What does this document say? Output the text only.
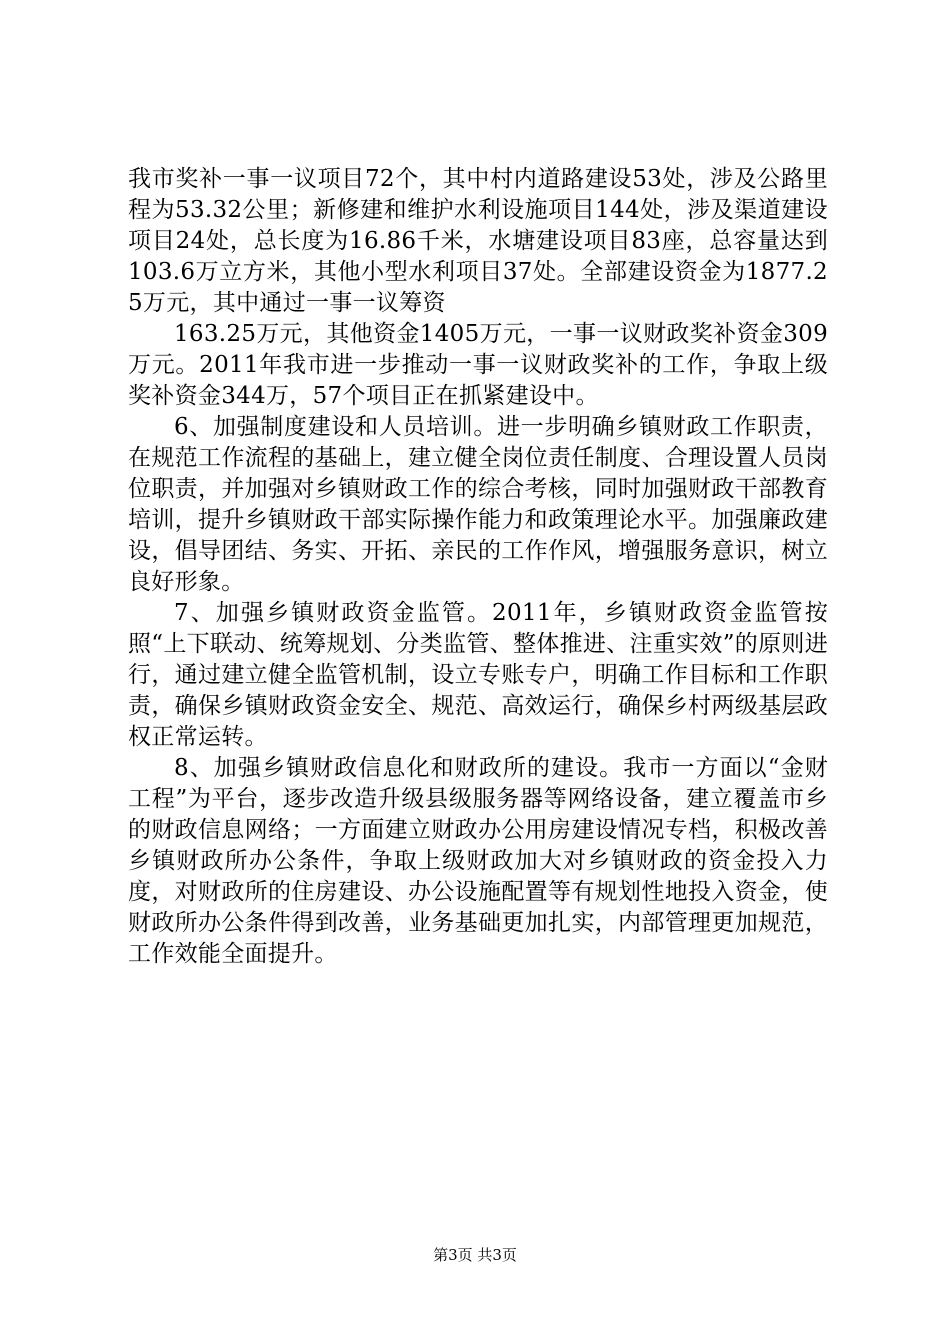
我市奖补一事一议项目72个，其中村内道路建设53处，涉及公路里程为53.32公里；新修建和维护水利设施项目144处，涉及渠道建设项目24处，总长度为16.86千米，水塘建设项目83座，总容量达到103.6万立方米，其他小型水利项目37处。全部建设资金为1877.25万元，其中通过一事一议筹资

163.25万元，其他资金1405万元，一事一议财政奖补资金309万元。2011年我市进一步推动一事一议财政奖补的工作，争取上级奖补资金344万，57个项目正在抓紧建设中。

6、加强制度建设和人员培训。进一步明确乡镇财政工作职责，在规范工作流程的基础上，建立健全岗位责任制度、合理设置人员岗位职责，并加强对乡镇财政工作的综合考核，同时加强财政干部教育培训，提升乡镇财政干部实际操作能力和政策理论水平。加强廉政建设，倡导团结、务实、开拓、亲民的工作作风，增强服务意识，树立良好形象。

7、加强乡镇财政资金监管。2011年，乡镇财政资金监管按照“上下联动、统筹规划、分类监管、整体推进、注重实效”的原则进行，通过建立健全监管机制，设立专账专户，明确工作目标和工作职责，确保乡镇财政资金安全、规范、高效运行，确保乡村两级基层政权正常运转。

8、加强乡镇财政信息化和财政所的建设。我市一方面以“金财工程”为平台，逐步改造升级县级服务器等网络设备，建立覆盖市乡的财政信息网络；一方面建立财政办公用房建设情况专档，积极改善乡镇财政所办公条件，争取上级财政加大对乡镇财政的资金投入力度，对财政所的住房建设、办公设施配置等有规划性地投入资金，使财政所办公条件得到改善，业务基础更加扎实，内部管理更加规范，工作效能全面提升。

第3页 共3页
